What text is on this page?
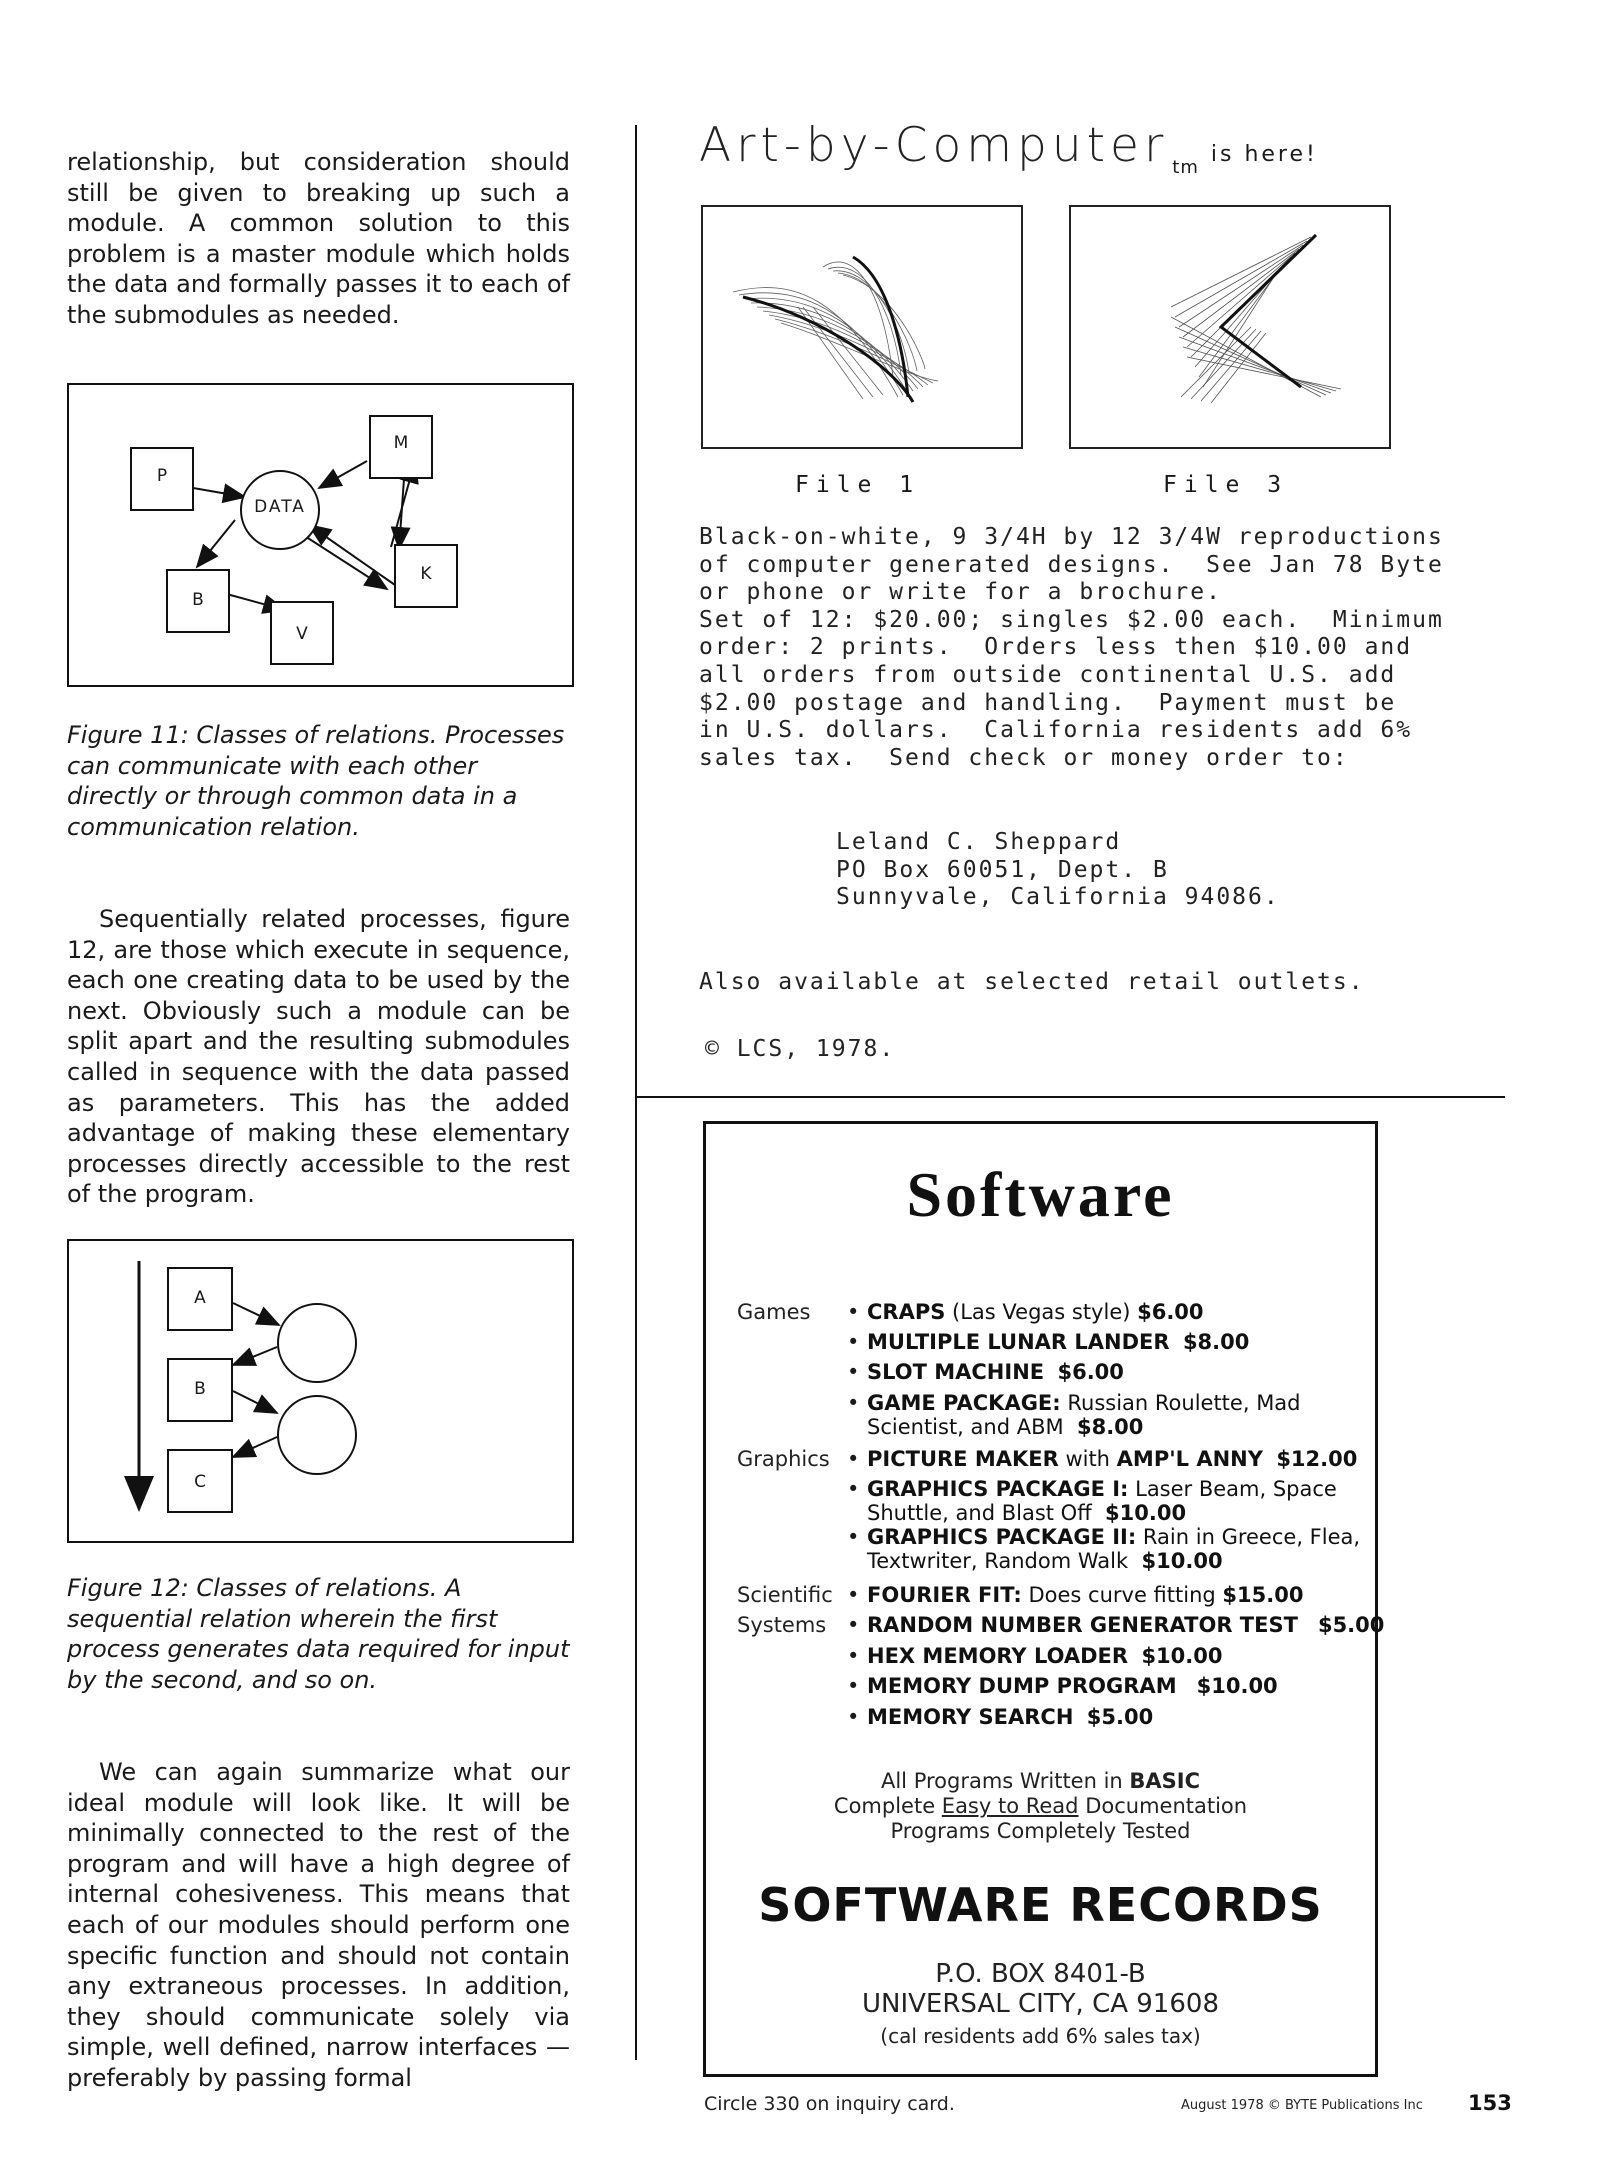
relationship, but consideration should still be given to breaking up such a module. A common solution to this problem is a master module which holds the data and formally passes it to each of the submodules as needed.
P
M
DATA
K
B
V
Figure 11: Classes of relations. Processes can communicate with each other directly or through common data in a communication relation.
Sequentially related processes, figure 12, are those which execute in sequence, each one creating data to be used by the next. Obviously such a module can be split apart and the resulting submodules called in sequence with the data passed as parameters. This has the added advantage of making these elementary processes directly accessible to the rest of the program.
A
B
C
Figure 12: Classes of relations. A sequential relation wherein the first process generates data required for input by the second, and so on.
We can again summarize what our ideal module will look like. It will be minimally connected to the rest of the program and will have a high degree of internal cohesiveness. This means that each of our modules should perform one specific function and should not contain any extraneous processes. In addition, they should communicate solely via simple, well defined, narrow interfaces — preferably by passing formal
Art-by-Computer tm is here!
File 1	File 3
Black-on-white, 9 3/4H by 12 3/4W reproductions
of computer generated designs.  See Jan 78 Byte
or phone or write for a brochure.
Set of 12: $20.00; singles $2.00 each.  Minimum
order: 2 prints.  Orders less then $10.00 and
all orders from outside continental U.S. add
$2.00 postage and handling.  Payment must be
in U.S. dollars.  California residents add 6%
sales tax.  Send check or money order to:
Leland C. Sheppard
PO Box 60051, Dept. B
Sunnyvale, California 94086.
Also available at selected retail outlets.
© LCS, 1978.
Software
Games
Graphics
Scientific
Systems
• CRAPS (Las Vegas style) $6.00
• MULTIPLE LUNAR LANDER $8.00
• SLOT MACHINE $6.00
• GAME PACKAGE: Russian Roulette, Mad
Scientist, and ABM  $8.00
• PICTURE MAKER with AMP'L ANNY $12.00
• GRAPHICS PACKAGE I: Laser Beam, Space
Shuttle, and Blast Off  $10.00
• GRAPHICS PACKAGE II: Rain in Greece, Flea,
Textwriter, Random Walk  $10.00
• FOURIER FIT: Does curve fitting $15.00
• RANDOM NUMBER GENERATOR TEST $5.00
• HEX MEMORY LOADER $10.00
• MEMORY DUMP PROGRAM $10.00
• MEMORY SEARCH $5.00
All Programs Written in BASIC
Complete Easy to Read Documentation
Programs Completely Tested
SOFTWARE RECORDS
P.O. BOX 8401-B
UNIVERSAL CITY, CA 91608
(cal residents add 6% sales tax)
Circle 330 on inquiry card.	August 1978 © BYTE Publications Inc 153
